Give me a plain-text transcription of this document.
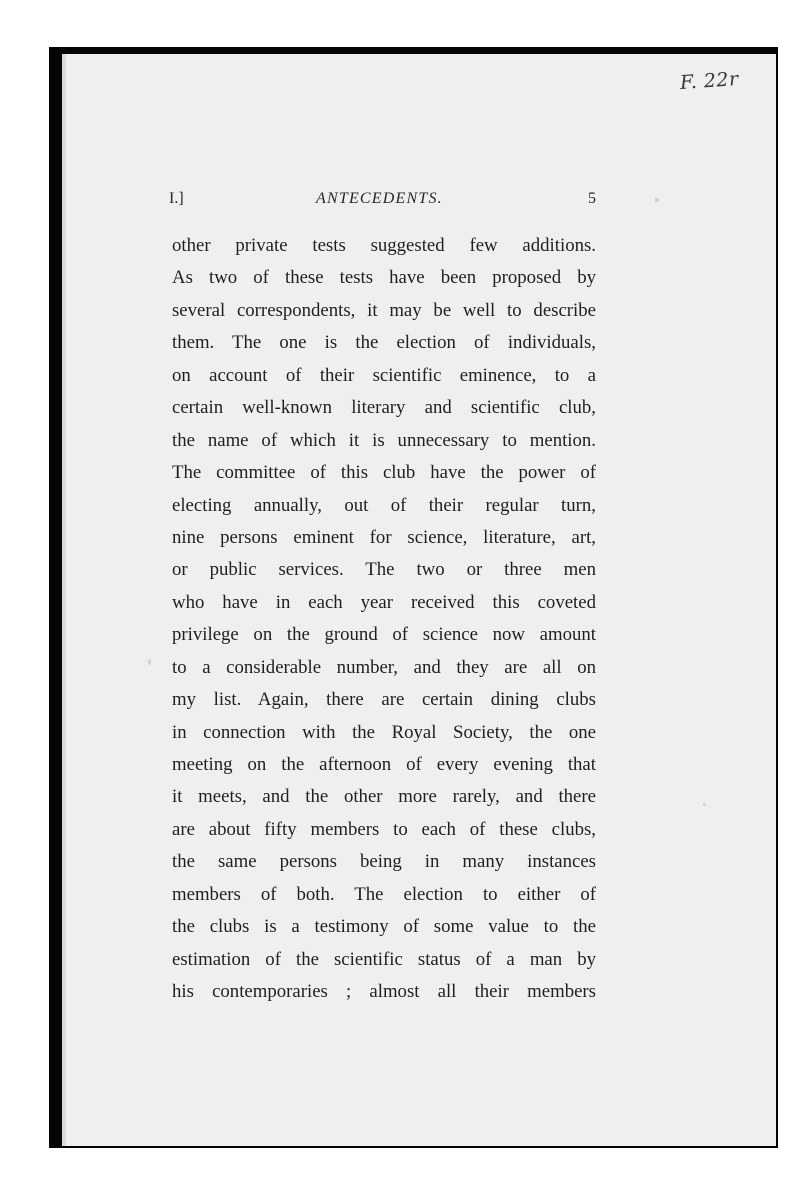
F. 22r
I.]	ANTECEDENTS.	5
other private tests suggested few additions.
As two of these tests have been proposed by
several correspondents, it may be well to describe
them. The one is the election of individuals,
on account of their scientific eminence, to a
certain well-known literary and scientific club,
the name of which it is unnecessary to mention.
The committee of this club have the power of
electing annually, out of their regular turn,
nine persons eminent for science, literature, art,
or public services. The two or three men
who have in each year received this coveted
privilege on the ground of science now amount
to a considerable number, and they are all on
my list. Again, there are certain dining clubs
in connection with the Royal Society, the one
meeting on the afternoon of every evening that
it meets, and the other more rarely, and there
are about fifty members to each of these clubs,
the same persons being in many instances
members of both. The election to either of
the clubs is a testimony of some value to the
estimation of the scientific status of a man by
his contemporaries ; almost all their members
